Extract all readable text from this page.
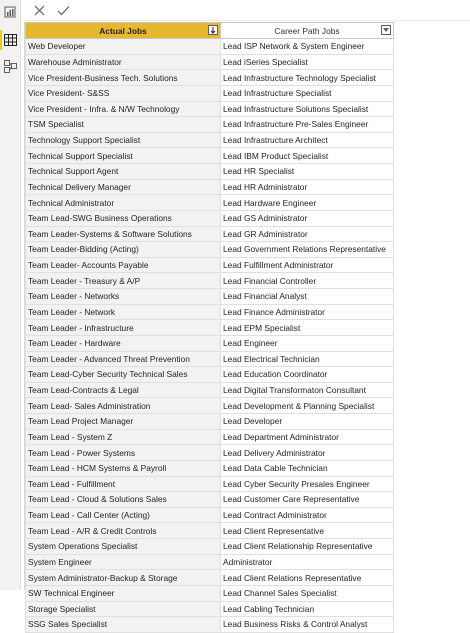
Actual Jobs	Career Path Jobs

Web Developer	Lead ISP Network & System Engineer
Warehouse Administrator	Lead iSeries Specialist
Vice President-Business Tech. Solutions	Lead Infrastructure Technology Specialist
Vice President- S&SS	Lead Infrastructure Specialist
Vice President - Infra. & N/W Technology	Lead Infrastructure Solutions Specialist
TSM Specialist	Lead Infrastructure Pre-Sales Engineer
Technology Support Specialist	Lead Infrastructure Architect
Technical Support Specialist	Lead IBM Product Specialist
Technical Support Agent	Lead HR Specialist
Technical Delivery Manager	Lead HR Administrator
Technical Administrator	Lead Hardware Engineer
Team Lead-SWG Business Operations	Lead GS Administrator
Team Leader-Systems & Software Solutions	Lead GR Administrator
Team Leader-Bidding (Acting)	Lead Government Relations Representative
Team Leader- Accounts Payable	Lead Fulfillment Administrator
Team Leader - Treasury & A/P	Lead Financial Controller
Team Leader - Networks	Lead Financial Analyst
Team Leader - Network	Lead Finance Administrator
Team Leader - Infrastructure	Lead EPM Specialist
Team Leader - Hardware	Lead Engineer
Team Leader - Advanced Threat Prevention	Lead Electrical Technician
Team Lead-Cyber Security Technical Sales	Lead Education Coordinator
Team Lead-Contracts & Legal	Lead Digital Transformaton Consultant
Team Lead- Sales Administration	Lead Development & Planning Specialist
Team Lead Project Manager	Lead Developer
Team Lead - System Z	Lead Department Administrator
Team Lead - Power Systems	Lead Delivery Administrator
Team Lead - HCM Systems & Payroll	Lead Data Cable Technician
Team Lead - Fulfillment	Lead Cyber Security Presales Engineer
Team Lead - Cloud & Solutions Sales	Lead Customer Care Representative
Team Lead - Call Center (Acting)	Lead Contract Administrator
Team Lead - A/R & Credit Controls	Lead Client Representative
System Operations Specialist	Lead Client Relationship Representative
System Engineer	Administrator
System Administrator-Backup & Storage	Lead Client Relations Representative
SW Technical Engineer	Lead Channel Sales Specialist
Storage Specialist	Lead Cabling Technician
SSG Sales Specialist	Lead Business Risks & Control Analyst
